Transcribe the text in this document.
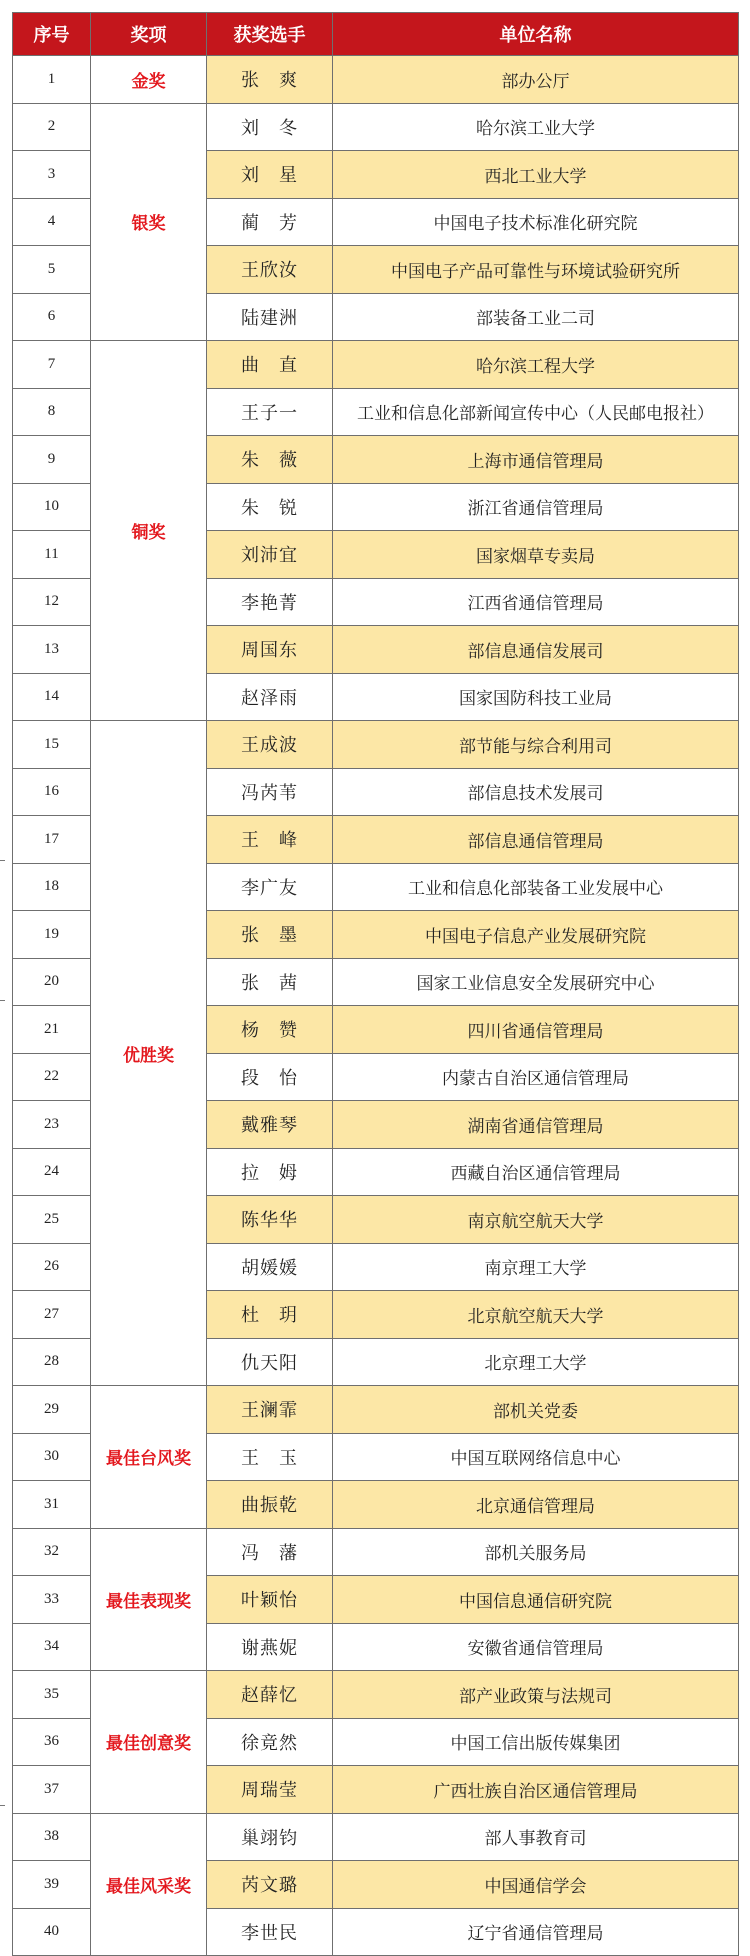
序号	奖项	获奖选手	单位名称
1	金奖	张　爽	部办公厅
2	银奖	刘　冬	哈尔滨工业大学
3		刘　星	西北工业大学
4		蔺　芳	中国电子技术标准化研究院
5		王欣汝	中国电子产品可靠性与环境试验研究所
6		陆建洲	部装备工业二司
7	铜奖	曲　直	哈尔滨工程大学
8		王子一	工业和信息化部新闻宣传中心（人民邮电报社）
9		朱　薇	上海市通信管理局
10		朱　锐	浙江省通信管理局
11		刘沛宜	国家烟草专卖局
12		李艳菁	江西省通信管理局
13		周国东	部信息通信发展司
14		赵泽雨	国家国防科技工业局
15	优胜奖	王成波	部节能与综合利用司
16		冯芮苇	部信息技术发展司
17		王　峰	部信息通信管理局
18		李广友	工业和信息化部装备工业发展中心
19		张　墨	中国电子信息产业发展研究院
20		张　茜	国家工业信息安全发展研究中心
21		杨　赞	四川省通信管理局
22		段　怡	内蒙古自治区通信管理局
23		戴雅琴	湖南省通信管理局
24		拉　姆	西藏自治区通信管理局
25		陈华华	南京航空航天大学
26		胡媛媛	南京理工大学
27		杜　玥	北京航空航天大学
28		仇天阳	北京理工大学
29	最佳台风奖	王澜霏	部机关党委
30		王　玉	中国互联网络信息中心
31		曲振乾	北京通信管理局
32	最佳表现奖	冯　藩	部机关服务局
33		叶颖怡	中国信息通信研究院
34		谢燕妮	安徽省通信管理局
35	最佳创意奖	赵薛忆	部产业政策与法规司
36		徐竟然	中国工信出版传媒集团
37		周瑞莹	广西壮族自治区通信管理局
38	最佳风采奖	巢翊钧	部人事教育司
39		芮文璐	中国通信学会
40		李世民	辽宁省通信管理局
